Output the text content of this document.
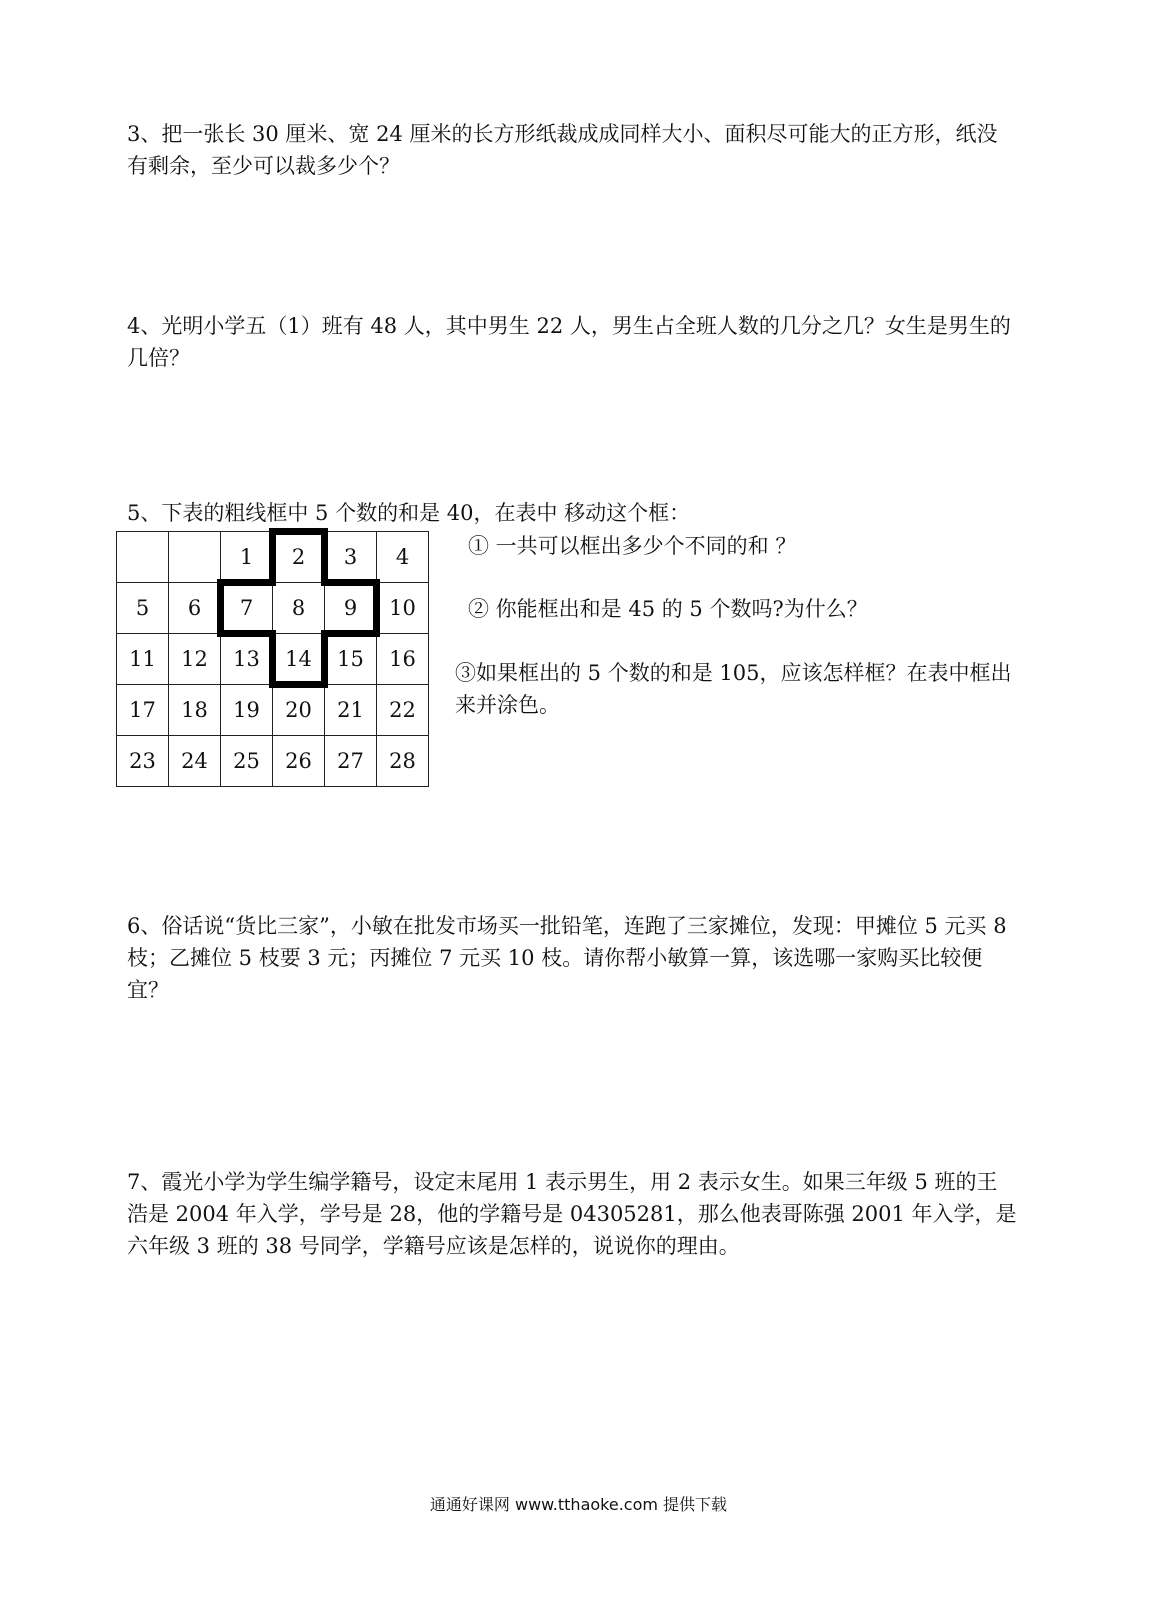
3、把一张长 30 厘米、宽 24 厘米的长方形纸裁成成同样大小、面积尽可能大的正方形，纸没有剩余，至少可以裁多少个？

4、光明小学五（1）班有 48 人，其中男生 22 人，男生占全班人数的几分之几？女生是男生的几倍？

5、下表的粗线框中 5 个数的和是 40，在表中 移动这个框：

		1	2	3	4
5	6	7	8	9	10
11	12	13	14	15	16
17	18	19	20	21	22
23	24	25	26	27	28

① 一共可以框出多少个不同的和 ？

② 你能框出和是 45 的 5 个数吗?为什么？

③如果框出的 5 个数的和是 105，应该怎样框？在表中框出来并涂色。

6、俗话说“货比三家”，小敏在批发市场买一批铅笔，连跑了三家摊位，发现：甲摊位 5 元买 8 枝；乙摊位 5 枝要 3 元；丙摊位 7 元买 10 枝。请你帮小敏算一算，该选哪一家购买比较便宜？

7、霞光小学为学生编学籍号，设定末尾用 1 表示男生，用 2 表示女生。如果三年级 5 班的王浩是 2004 年入学，学号是 28，他的学籍号是 04305281，那么他表哥陈强 2001 年入学，是六年级 3 班的 38 号同学，学籍号应该是怎样的，说说你的理由。

通通好课网 www.tthaoke.com 提供下载
